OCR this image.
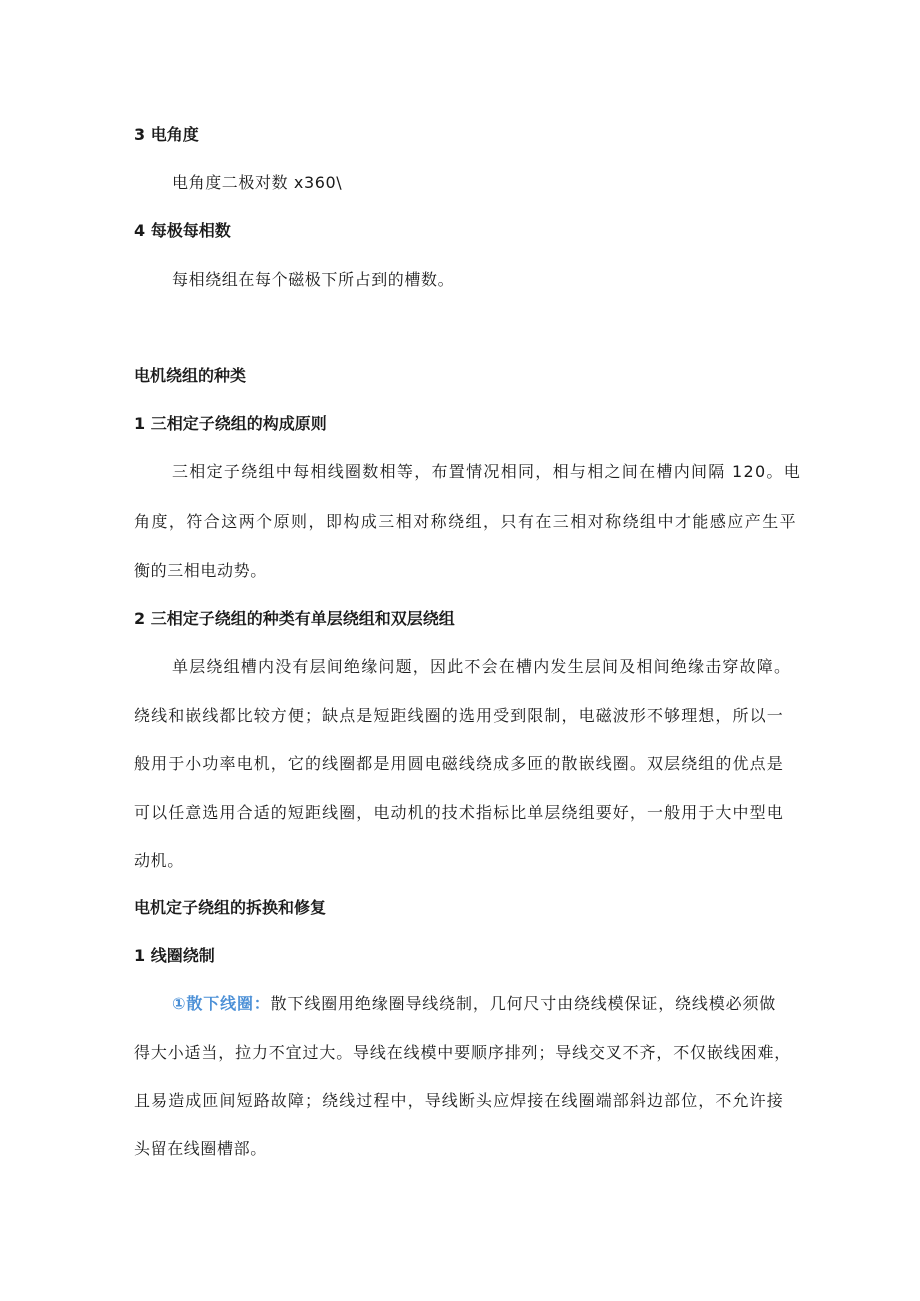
3 电角度
电角度二极对数 x360\
4 每极每相数
每相绕组在每个磁极下所占到的槽数。
电机绕组的种类
1 三相定子绕组的构成原则
三相定子绕组中每相线圈数相等，布置情况相同，相与相之间在槽内间隔 120。电
角度，符合这两个原则，即构成三相对称绕组，只有在三相对称绕组中才能感应产生平
衡的三相电动势。
2 三相定子绕组的种类有单层绕组和双层绕组
单层绕组槽内没有层间绝缘问题，因此不会在槽内发生层间及相间绝缘击穿故障。
绕线和嵌线都比较方便；缺点是短距线圈的选用受到限制，电磁波形不够理想，所以一
般用于小功率电机，它的线圈都是用圆电磁线绕成多匝的散嵌线圈。双层绕组的优点是
可以任意选用合适的短距线圈，电动机的技术指标比单层绕组要好，一般用于大中型电
动机。
电机定子绕组的拆换和修复
1 线圈绕制
①散下线圈：散下线圈用绝缘圈导线绕制，几何尺寸由绕线模保证，绕线模必须做
得大小适当，拉力不宜过大。导线在线模中要顺序排列；导线交叉不齐，不仅嵌线困难，
且易造成匝间短路故障；绕线过程中，导线断头应焊接在线圈端部斜边部位，不允许接
头留在线圈槽部。
